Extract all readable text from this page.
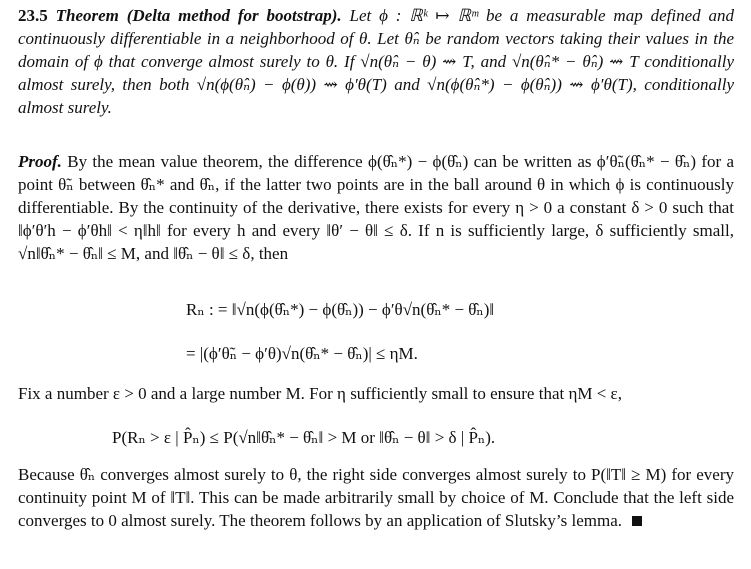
23.5 Theorem (Delta method for bootstrap). Let ϕ : ℝᵏ ↦ ℝᵐ be a measurable map defined and continuously differentiable in a neighborhood of θ. Let θ̂ₙ be random vectors taking their values in the domain of ϕ that converge almost surely to θ. If √n(θ̂ₙ − θ) ⇝ T, and √n(θ̂ₙ* − θ̂ₙ) ⇝ T conditionally almost surely, then both √n(ϕ(θ̂ₙ) − ϕ(θ)) ⇝ ϕ′θ(T) and √n(ϕ(θ̂ₙ*) − ϕ(θ̂ₙ)) ⇝ ϕ′θ(T), conditionally almost surely.

Proof. By the mean value theorem, the difference ϕ(θ̂ₙ*) − ϕ(θ̂ₙ) can be written as ϕ′θ̃ₙ(θ̂ₙ* − θ̂ₙ) for a point θ̃ₙ between θ̂ₙ* and θ̂ₙ, if the latter two points are in the ball around θ in which ϕ is continuously differentiable. By the continuity of the derivative, there exists for every η > 0 a constant δ > 0 such that ‖ϕ′θ′h − ϕ′θh‖ < η‖h‖ for every h and every ‖θ′ − θ‖ ≤ δ. If n is sufficiently large, δ sufficiently small, √n‖θ̂ₙ* − θ̂ₙ‖ ≤ M, and ‖θ̂ₙ − θ‖ ≤ δ, then

Rₙ : = ‖√n(ϕ(θ̂ₙ*) − ϕ(θ̂ₙ)) − ϕ′θ√n(θ̂ₙ* − θ̂ₙ)‖
= |(ϕ′θ̃ₙ − ϕ′θ)√n(θ̂ₙ* − θ̂ₙ)| ≤ ηM.

Fix a number ε > 0 and a large number M. For η sufficiently small to ensure that ηM < ε,

P(Rₙ > ε | P̂ₙ) ≤ P(√n‖θ̂ₙ* − θ̂ₙ‖ > M or ‖θ̂ₙ − θ‖ > δ | P̂ₙ).

Because θ̂ₙ converges almost surely to θ, the right side converges almost surely to P(‖T‖ ≥ M) for every continuity point M of ‖T‖. This can be made arbitrarily small by choice of M. Conclude that the left side converges to 0 almost surely. The theorem follows by an application of Slutsky’s lemma.
